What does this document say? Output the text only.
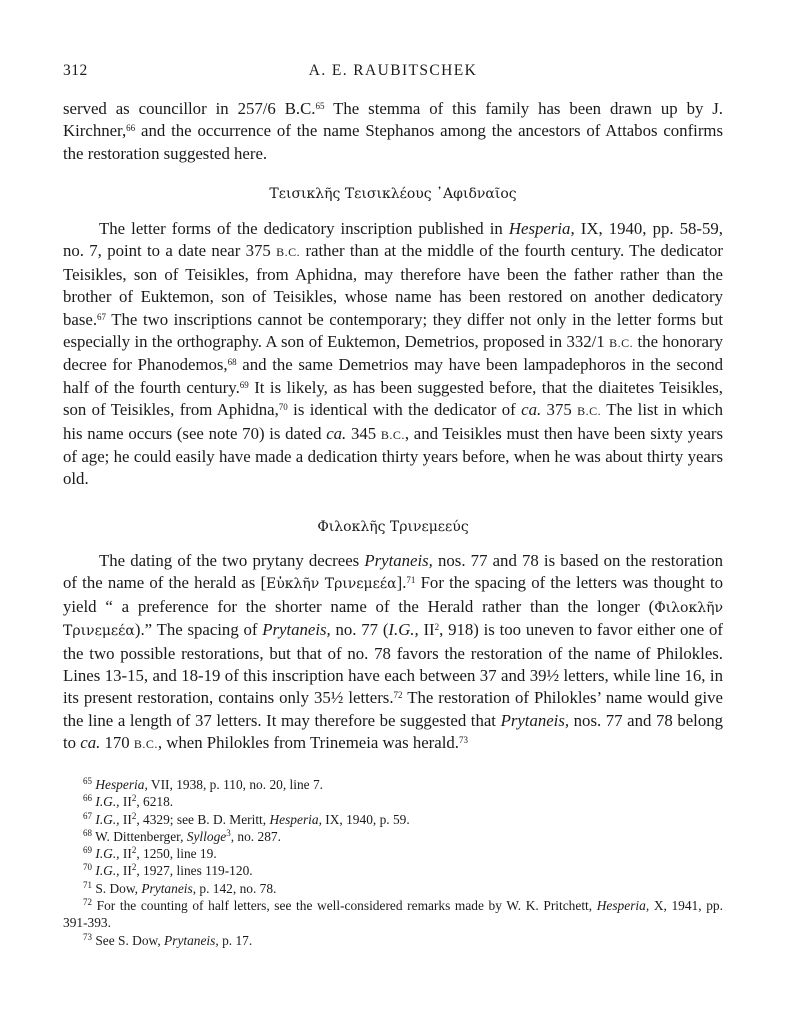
312	A. E. RAUBITSCHEK

served as councillor in 257/6 B.C.$^{65}$ The stemma of this family has been drawn up by J. Kirchner,$^{66}$ and the occurrence of the name Stephanos among the ancestors of Attabos confirms the restoration suggested here.

Τεισικλῆς Τεισικλέους ᾿Αφιδναῖος

The letter forms of the dedicatory inscription published in Hesperia, IX, 1940, pp. 58-59, no. 7, point to a date near 375 B.C. rather than at the middle of the fourth century. The dedicator Teisikles, son of Teisikles, from Aphidna, may therefore have been the father rather than the brother of Euktemon, son of Teisikles, whose name has been restored on another dedicatory base.$^{67}$ The two inscriptions cannot be contemporary; they differ not only in the letter forms but especially in the orthography. A son of Euktemon, Demetrios, proposed in 332/1 B.C. the honorary decree for Phanodemos,$^{68}$ and the same Demetrios may have been lampadephoros in the second half of the fourth century.$^{69}$ It is likely, as has been suggested before, that the diaitetes Teisikles, son of Teisikles, from Aphidna,$^{70}$ is identical with the dedicator of ca. 375 B.C. The list in which his name occurs (see note 70) is dated ca. 345 B.C., and Teisikles must then have been sixty years of age; he could easily have made a dedication thirty years before, when he was about thirty years old.

Φιλοκλῆς Τρινεμεεύς

The dating of the two prytany decrees Prytaneis, nos. 77 and 78 is based on the restoration of the name of the herald as [Εὐκλῆν Τρινεμεέα].$^{71}$ For the spacing of the letters was thought to yield “ a preference for the shorter name of the Herald rather than the longer (Φιλοκλῆν Τρινεμεέα).” The spacing of Prytaneis, no. 77 (I.G., $II^2$, 918) is too uneven to favor either one of the two possible restorations, but that of no. 78 favors the restoration of the name of Philokles. Lines 13-15, and 18-19 of this inscription have each between 37 and 39½ letters, while line 16, in its present restoration, contains only 35½ letters.$^{72}$ The restoration of Philokles’ name would give the line a length of 37 letters. It may therefore be suggested that Prytaneis, nos. 77 and 78 belong to ca. 170 B.C., when Philokles from Trinemeia was herald.$^{73}$

$^{65}$ Hesperia, VII, 1938, p. 110, no. 20, line 7.

$^{66}$ I.G., $II^2$, 6218.

$^{67}$ I.G., $II^2$, 4329; see B. D. Meritt, Hesperia, IX, 1940, p. 59.

$^{68}$ W. Dittenberger, Sylloge$^3$, no. 287.

$^{69}$ I.G., $II^2$, 1250, line 19.

$^{70}$ I.G., $II^2$, 1927, lines 119-120.

$^{71}$ S. Dow, Prytaneis, p. 142, no. 78.

$^{72}$ For the counting of half letters, see the well-considered remarks made by W. K. Pritchett, Hesperia, X, 1941, pp. 391-393.

$^{73}$ See S. Dow, Prytaneis, p. 17.
